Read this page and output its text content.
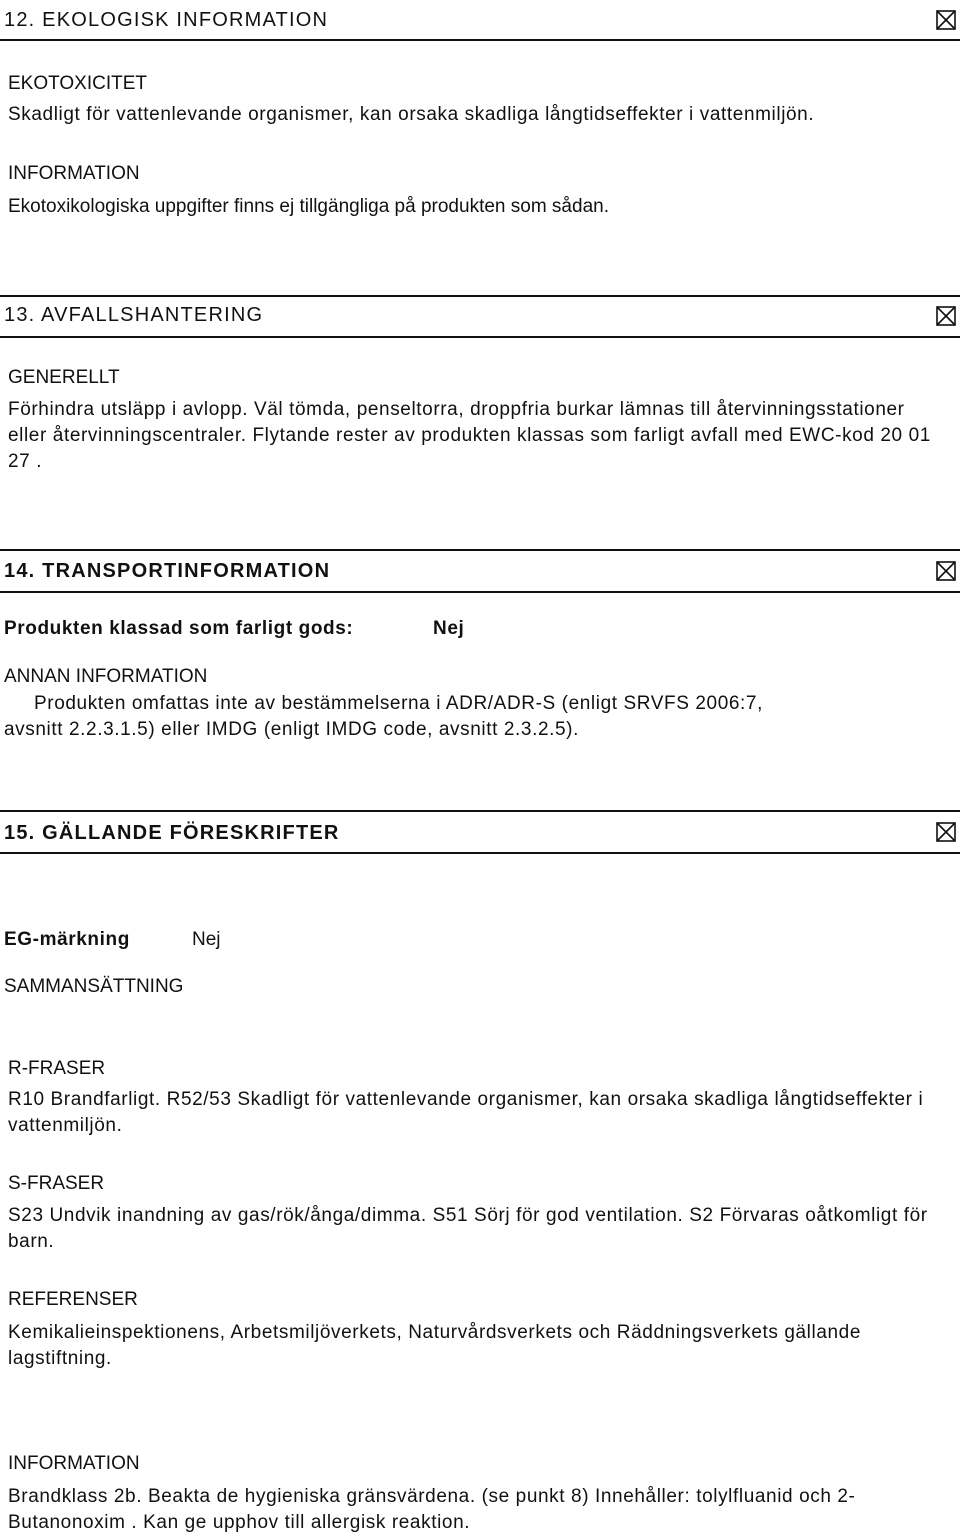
12. EKOLOGISK INFORMATION
EKOTOXICITET
Skadligt för vattenlevande organismer, kan orsaka skadliga långtidseffekter i vattenmiljön.
INFORMATION
Ekotoxikologiska uppgifter finns ej tillgängliga på produkten som sådan.
13. AVFALLSHANTERING
GENERELLT

Förhindra utsläpp i avlopp. Väl tömda, penseltorra, droppfria burkar lämnas till återvinningsstationer eller återvinningscentraler. Flytande rester av produkten klassas som farligt avfall med EWC-kod 20 01 27 .

14. TRANSPORTINFORMATION
Produkten klassad som farligt gods:	Nej
ANNAN INFORMATION
Produkten omfattas inte av bestämmelserna i ADR/ADR-S (enligt SRVFS 2006:7,
avsnitt 2.2.3.1.5) eller IMDG (enligt IMDG code, avsnitt 2.3.2.5).
15. GÄLLANDE FÖRESKRIFTER
EG-märkning	Nej
SAMMANSÄTTNING
R-FRASER

R10 Brandfarligt. R52/53 Skadligt för vattenlevande organismer, kan orsaka skadliga långtidseffekter i vattenmiljön.

S-FRASER

S23 Undvik inandning av gas/rök/ånga/dimma. S51 Sörj för god ventilation. S2 Förvaras oåtkomligt för barn.

REFERENSER

Kemikalieinspektionens, Arbetsmiljöverkets, Naturvårdsverkets och Räddningsverkets gällande lagstiftning.

INFORMATION

Brandklass 2b. Beakta de hygieniska gränsvärdena. (se punkt 8) Innehåller: tolylfluanid och 2-Butanonoxim . Kan ge upphov till allergisk reaktion.
